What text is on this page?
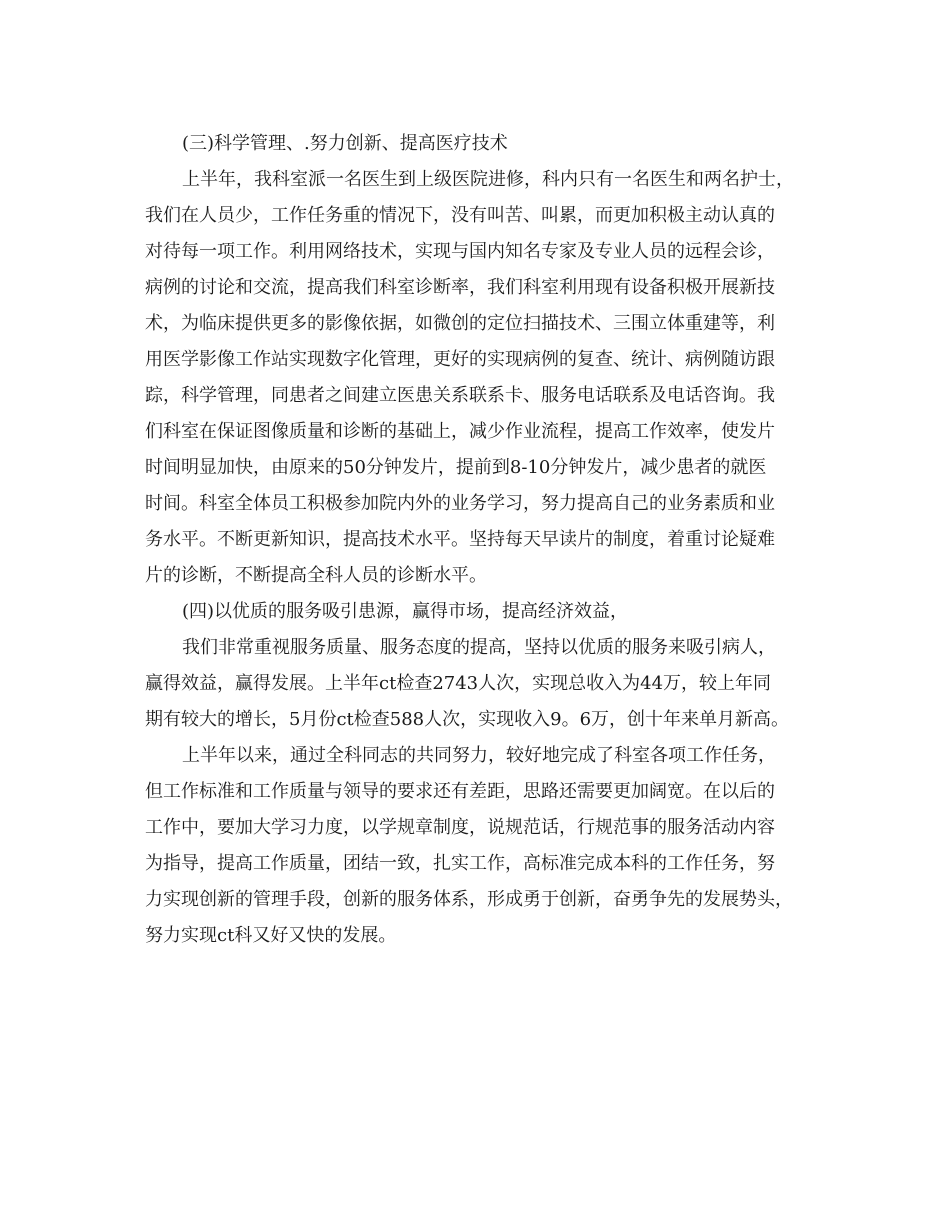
(三)科学管理、.努力创新、提高医疗技术
上半年，我科室派一名医生到上级医院进修，科内只有一名医生和两名护士，
我们在人员少，工作任务重的情况下，没有叫苦、叫累，而更加积极主动认真的
对待每一项工作。利用网络技术，实现与国内知名专家及专业人员的远程会诊，
病例的讨论和交流，提高我们科室诊断率，我们科室利用现有设备积极开展新技
术，为临床提供更多的影像依据，如微创的定位扫描技术、三围立体重建等，利
用医学影像工作站实现数字化管理，更好的实现病例的复查、统计、病例随访跟
踪，科学管理，同患者之间建立医患关系联系卡、服务电话联系及电话咨询。我
们科室在保证图像质量和诊断的基础上，减少作业流程，提高工作效率，使发片
时间明显加快，由原来的50分钟发片，提前到8-10分钟发片，减少患者的就医
时间。科室全体员工积极参加院内外的业务学习，努力提高自己的业务素质和业
务水平。不断更新知识，提高技术水平。坚持每天早读片的制度，着重讨论疑难
片的诊断，不断提高全科人员的诊断水平。
(四)以优质的服务吸引患源，赢得市场，提高经济效益，
我们非常重视服务质量、服务态度的提高，坚持以优质的服务来吸引病人，
赢得效益，赢得发展。上半年ct检查2743人次，实现总收入为44万，较上年同
期有较大的增长，5月份ct检查588人次，实现收入9。6万，创十年来单月新高。
上半年以来，通过全科同志的共同努力，较好地完成了科室各项工作任务，
但工作标准和工作质量与领导的要求还有差距，思路还需要更加阔宽。在以后的
工作中，要加大学习力度，以学规章制度，说规范话，行规范事的服务活动内容
为指导，提高工作质量，团结一致，扎实工作，高标准完成本科的工作任务，努
力实现创新的管理手段，创新的服务体系，形成勇于创新，奋勇争先的发展势头，
努力实现ct科又好又快的发展。
